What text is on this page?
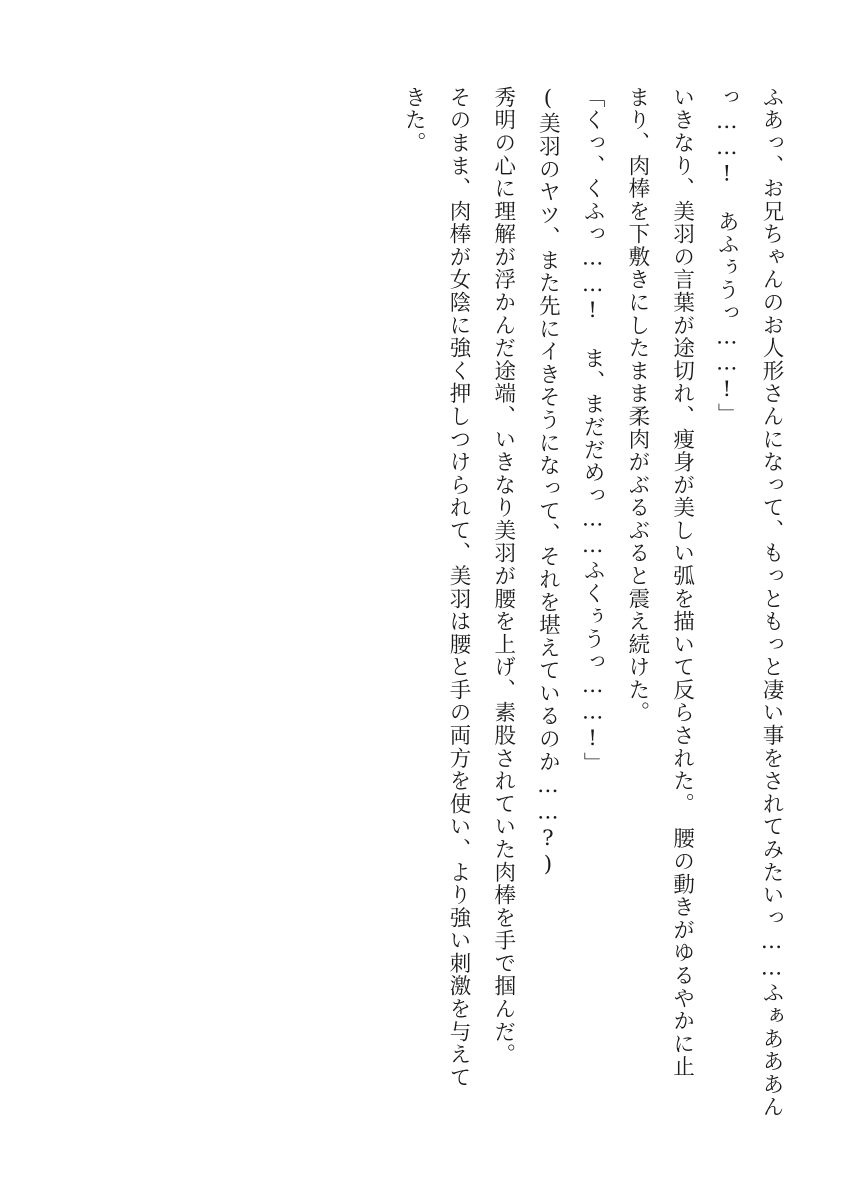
ふあっ、お兄ちゃんのお人形さんになって、もっともっと凄い事をされてみたいっ……ふぁあああん

っ……!　あふぅうっ……!」

いきなり、美羽の言葉が途切れ、痩身が美しい弧を描いて反らされた。　腰の動きがゆるやかに止

まり、肉棒を下敷きにしたまま柔肉がぶるぶると震え続けた。

「くっ、くふっ……!　ま、まだだめっ……ふくぅうっ……!」

(美羽のヤツ、また先にイきそうになって、それを堪えているのか……?)

秀明の心に理解が浮かんだ途端、いきなり美羽が腰を上げ、素股されていた肉棒を手で掴んだ。

そのまま、肉棒が女陰に強く押しつけられて、美羽は腰と手の両方を使い、より強い刺激を与えて

きた。
